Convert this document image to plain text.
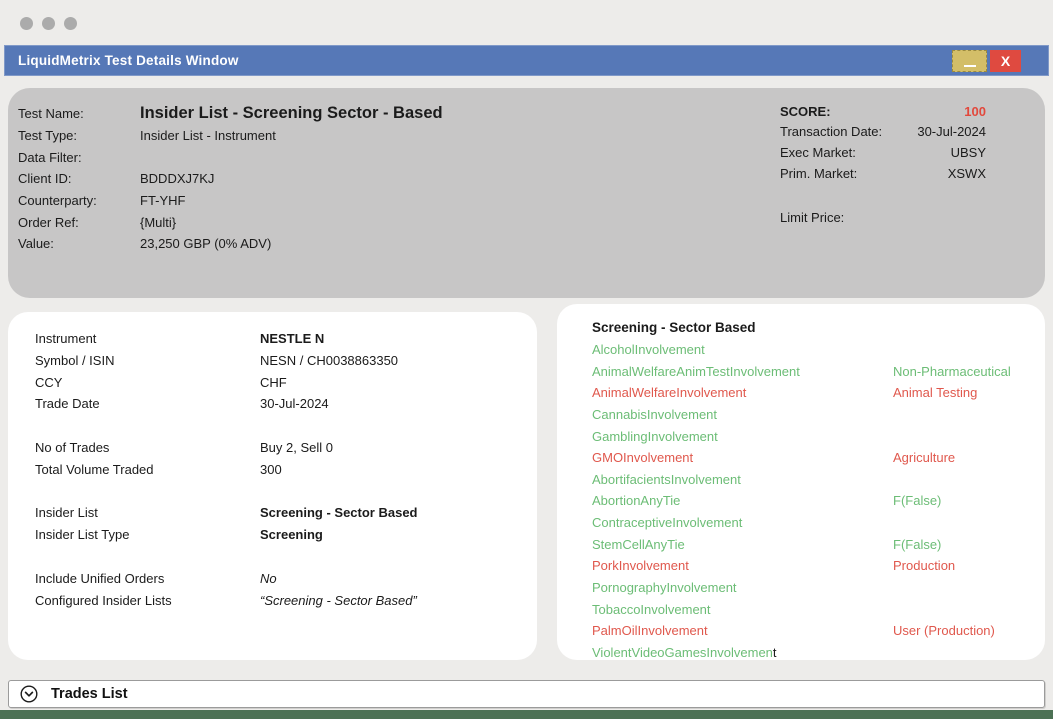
LiquidMetrix Test Details Window	X
Test Name:	Insider List - Screening Sector - Based
Test Type:	Insider List - Instrument
Data Filter:
Client ID:	BDDDXJ7KJ
Counterparty:	FT-YHF
Order Ref:	{Multi}
Value:	23,250 GBP (0% ADV)
SCORE:	100
Transaction Date:	30-Jul-2024
Exec Market:	UBSY
Prim. Market:	XSWX
Limit Price:
Instrument	NESTLE N
Symbol / ISIN	NESN / CH0038863350
CCY	CHF
Trade Date	30-Jul-2024
No of Trades	Buy 2, Sell 0
Total Volume Traded	300
Insider List	Screening - Sector Based
Insider List Type	Screening
Include Unified Orders	No
Configured Insider Lists	“Screening - Sector Based”
Screening - Sector Based
AlcoholInvolvement
AnimalWelfareAnimTestInvolvement	Non-Pharmaceutical
AnimalWelfareInvolvement	Animal Testing
CannabisInvolvement
GamblingInvolvement
GMOInvolvement	Agriculture
AbortifacientsInvolvement
AbortionAnyTie	F(False)
ContraceptiveInvolvement
StemCellAnyTie	F(False)
PorkInvolvement	Production
PornographyInvolvement
TobaccoInvolvement
PalmOilInvolvement	User (Production)
ViolentVideoGamesInvolvement
Trades List
